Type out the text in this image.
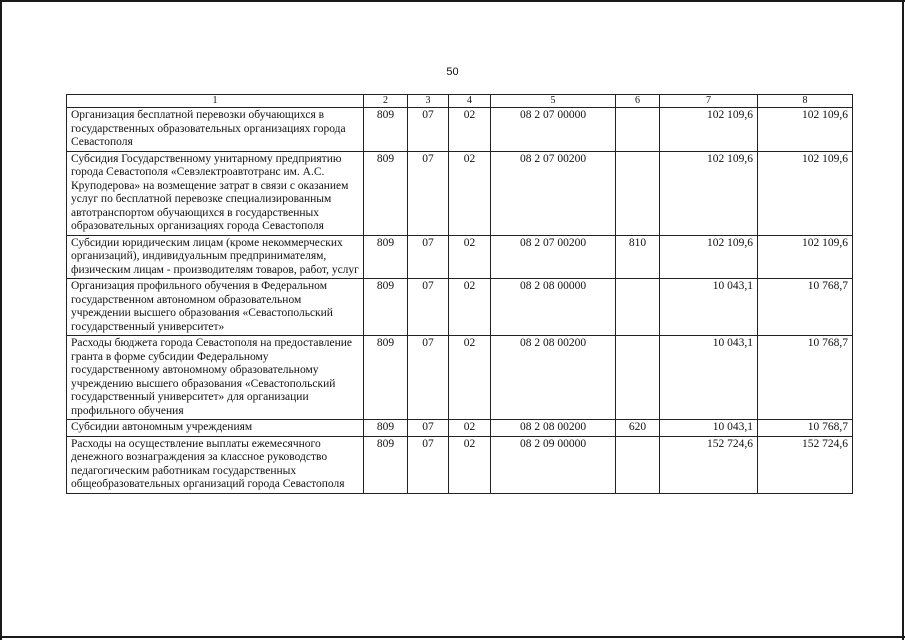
50
1	2	3	4	5	6	7	8
Организация бесплатной перевозки обучающихся в государственных образовательных организациях города Севастополя	809	07	02	08 2 07 00000		102 109,6	102 109,6
Субсидия Государственному унитарному предприятию города Севастополя «Севэлектроавтотранс им. А.С. Круподерова» на возмещение затрат в связи с оказанием услуг по бесплатной перевозке специализированным автотранспортом обучающихся в государственных образовательных организациях города Севастополя	809	07	02	08 2 07 00200		102 109,6	102 109,6
Субсидии юридическим лицам (кроме некоммерческих организаций), индивидуальным предпринимателям, физическим лицам - производителям товаров, работ, услуг	809	07	02	08 2 07 00200	810	102 109,6	102 109,6
Организация профильного обучения в Федеральном государственном автономном образовательном учреждении высшего образования «Севастопольский государственный университет»	809	07	02	08 2 08 00000		10 043,1	10 768,7
Расходы бюджета города Севастополя на предоставление гранта в форме субсидии Федеральному государственному автономному образовательному учреждению высшего образования «Севастопольский государственный университет» для организации профильного обучения	809	07	02	08 2 08 00200		10 043,1	10 768,7
Субсидии автономным учреждениям	809	07	02	08 2 08 00200	620	10 043,1	10 768,7
Расходы на осуществление выплаты ежемесячного денежного вознаграждения за классное руководство педагогическим работникам государственных общеобразовательных организаций города Севастополя	809	07	02	08 2 09 00000		152 724,6	152 724,6
